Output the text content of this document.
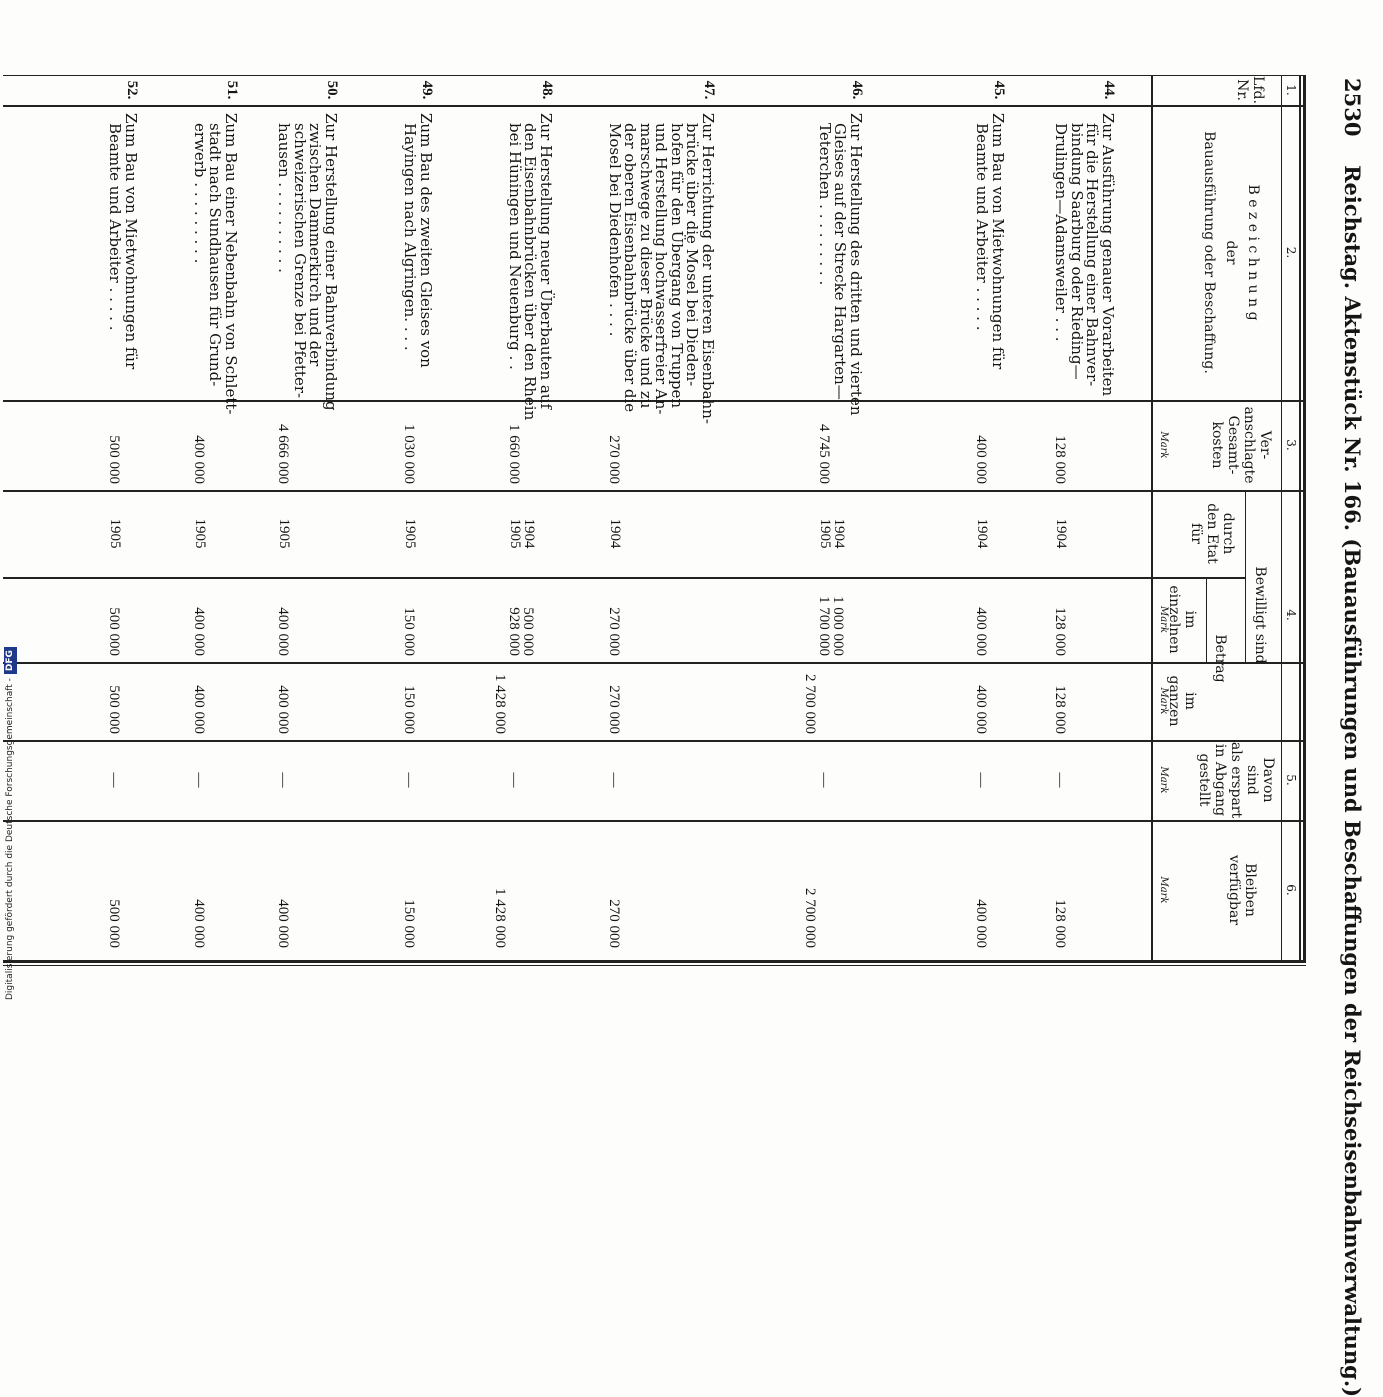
2530  Reichstag. Aktenstück Nr. 166. (Bauausführungen und Beschaffungen der Reichseisenbahnverwaltung.)
1.
2.
3.
4.
5.
6.
Lfd.
Nr.
B e z e i c h n u n g
der
Bauausführung oder Beschaffung.
Ver-
anschlagte
Gesamt-
kosten
Bewilligt sind
durch
den Etat
für
Betrag
im
einzelnen
im
ganzen
Davon
sind
als erspart
in Abgang
gestellt
Bleiben
verfügbar
Mark
Mark
Mark
Mark
Mark
44.
Zur Ausführung genauer Vorarbeiten
für die Herstellung einer Bahnver-
bindung Saarburg oder Rieding—
Drulingen—Adamsweiler . . .
128 000
1904
128 000
128 000
—
128 000
45.
Zum Bau von Mietwohnungen für
Beamte und Arbeiter . . . . .
400 000
1904
400 000
400 000
—
400 000
46.
Zur Herstellung des dritten und vierten
Gleises auf der Strecke Hargarten—
Teterchen . . . . . . . . .
4 745 000
1904
1905
1 000 000
1 700 000
2 700 000
—
2 700 000
47.
Zur Herrichtung der unteren Eisenbahn-
brücke über die Mosel bei Dieden-
hofen für den Übergang von Truppen
und Herstellung hochwasserfreier An-
marschwege zu dieser Brücke und zu
der oberen Eisenbahnbrücke über die
Mosel bei Diedenhofen . . . .
270 000
1904
270 000
270 000
—
270 000
48.
Zur Herstellung neuer Überbauten auf
den Eisenbahnbrücken über den Rhein
bei Hüningen und Neuenburg . .
1 660 000
1904
1905
500 000
928 000
1 428 000
—
1 428 000
49.
Zum Bau des zweiten Gleises von
Hayingen nach Algringen. . . .
1 030 000
1905
150 000
150 000
—
150 000
50.
Zur Herstellung einer Bahnverbindung
zwischen Dammerkirch und der
schweizerischen Grenze bei Pfetter-
hausen . . . . . . . . . .
4 666 000
1905
400 000
400 000
—
400 000
51.
Zum Bau einer Nebenbahn von Schlett-
stadt nach Sundhausen für Grund-
erwerb . . . . . . . . .
400 000
1905
400 000
400 000
—
400 000
52.
Zum Bau von Mietwohnungen für
Beamte und Arbeiter . . . . .
500 000
1905
500 000
500 000
—
500 000
Digitalisierung gefördert durch die Deutsche Forschungsgemeinschaft -DFG
